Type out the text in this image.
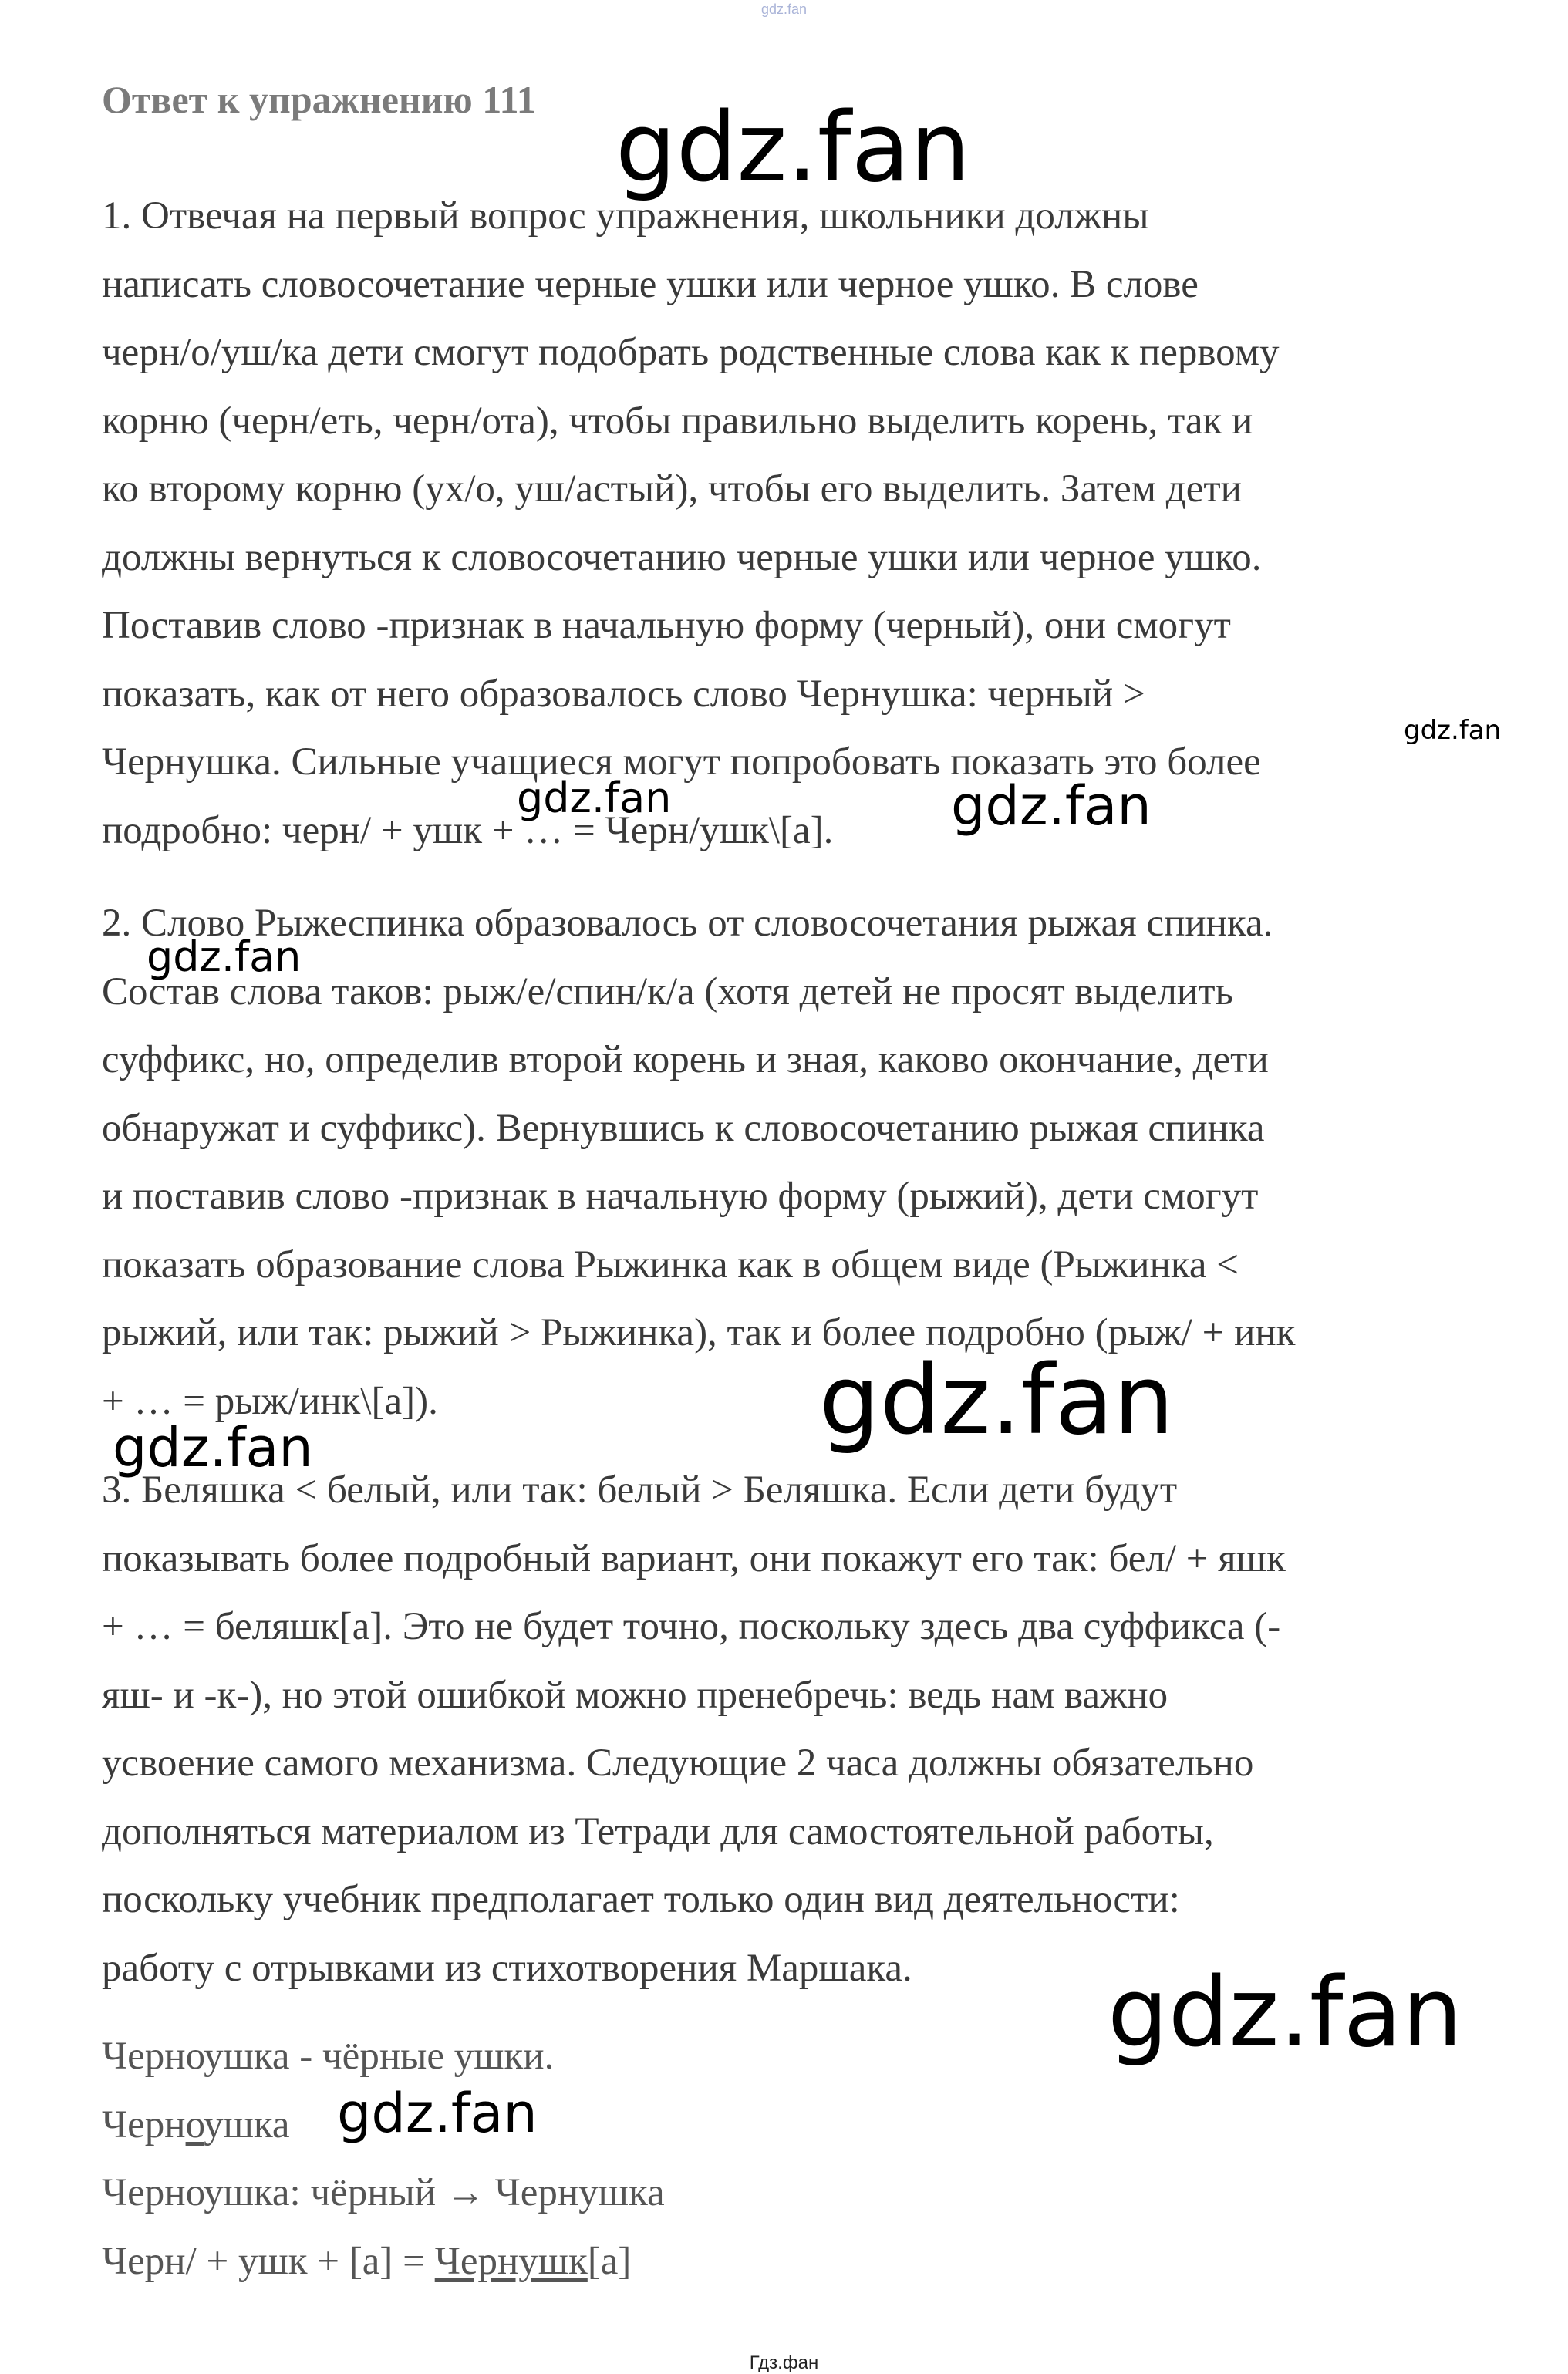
gdz.fan
Ответ к упражнению 111
1. Отвечая на первый вопрос упражнения, школьники должны
написать словосочетание черные ушки или черное ушко. В слове
черн/о/уш/ка дети смогут подобрать родственные слова как к первому
корню (черн/еть, черн/ота), чтобы правильно выделить корень, так и
ко второму корню (ух/о, уш/астый), чтобы его выделить. Затем дети
должны вернуться к словосочетанию черные ушки или черное ушко.
Поставив слово -признак в начальную форму (черный), они смогут
показать, как от него образовалось слово Чернушка: черный >
Чернушка. Сильные учащиеся могут попробовать показать это более
подробно: черн/ + ушк + … = Черн/ушк\[а].
2. Слово Рыжеспинка образовалось от словосочетания рыжая спинка.
Состав слова таков: рыж/е/спин/к/а (хотя детей не просят выделить
суффикс, но, определив второй корень и зная, каково окончание, дети
обнаружат и суффикс). Вернувшись к словосочетанию рыжая спинка
и поставив слово -признак в начальную форму (рыжий), дети смогут
показать образование слова Рыжинка как в общем виде (Рыжинка <
рыжий, или так: рыжий > Рыжинка), так и более подробно (рыж/ + инк
+ … = рыж/инк\[а]).
3. Беляшка < белый, или так: белый > Беляшка. Если дети будут
показывать более подробный вариант, они покажут его так: бел/ + яшк
+ … = беляшк[а]. Это не будет точно, поскольку здесь два суффикса (-
яш- и -к-), но этой ошибкой можно пренебречь: ведь нам важно
усвоение самого механизма. Следующие 2 часа должны обязательно
дополняться материалом из Тетради для самостоятельной работы,
поскольку учебник предполагает только один вид деятельности:
работу с отрывками из стихотворения Маршака.
Черноушка - чёрные ушки.
Черноушка
Черноушка: чёрный → Чернушка
Черн/ + ушк + [а] = Чернушк[а]
gdz.fan
gdz.fan
gdz.fan	gdz.fan
gdz.fan
gdz.fan
gdz.fan
gdz.fan
gdz.fan
Гдз.фан
